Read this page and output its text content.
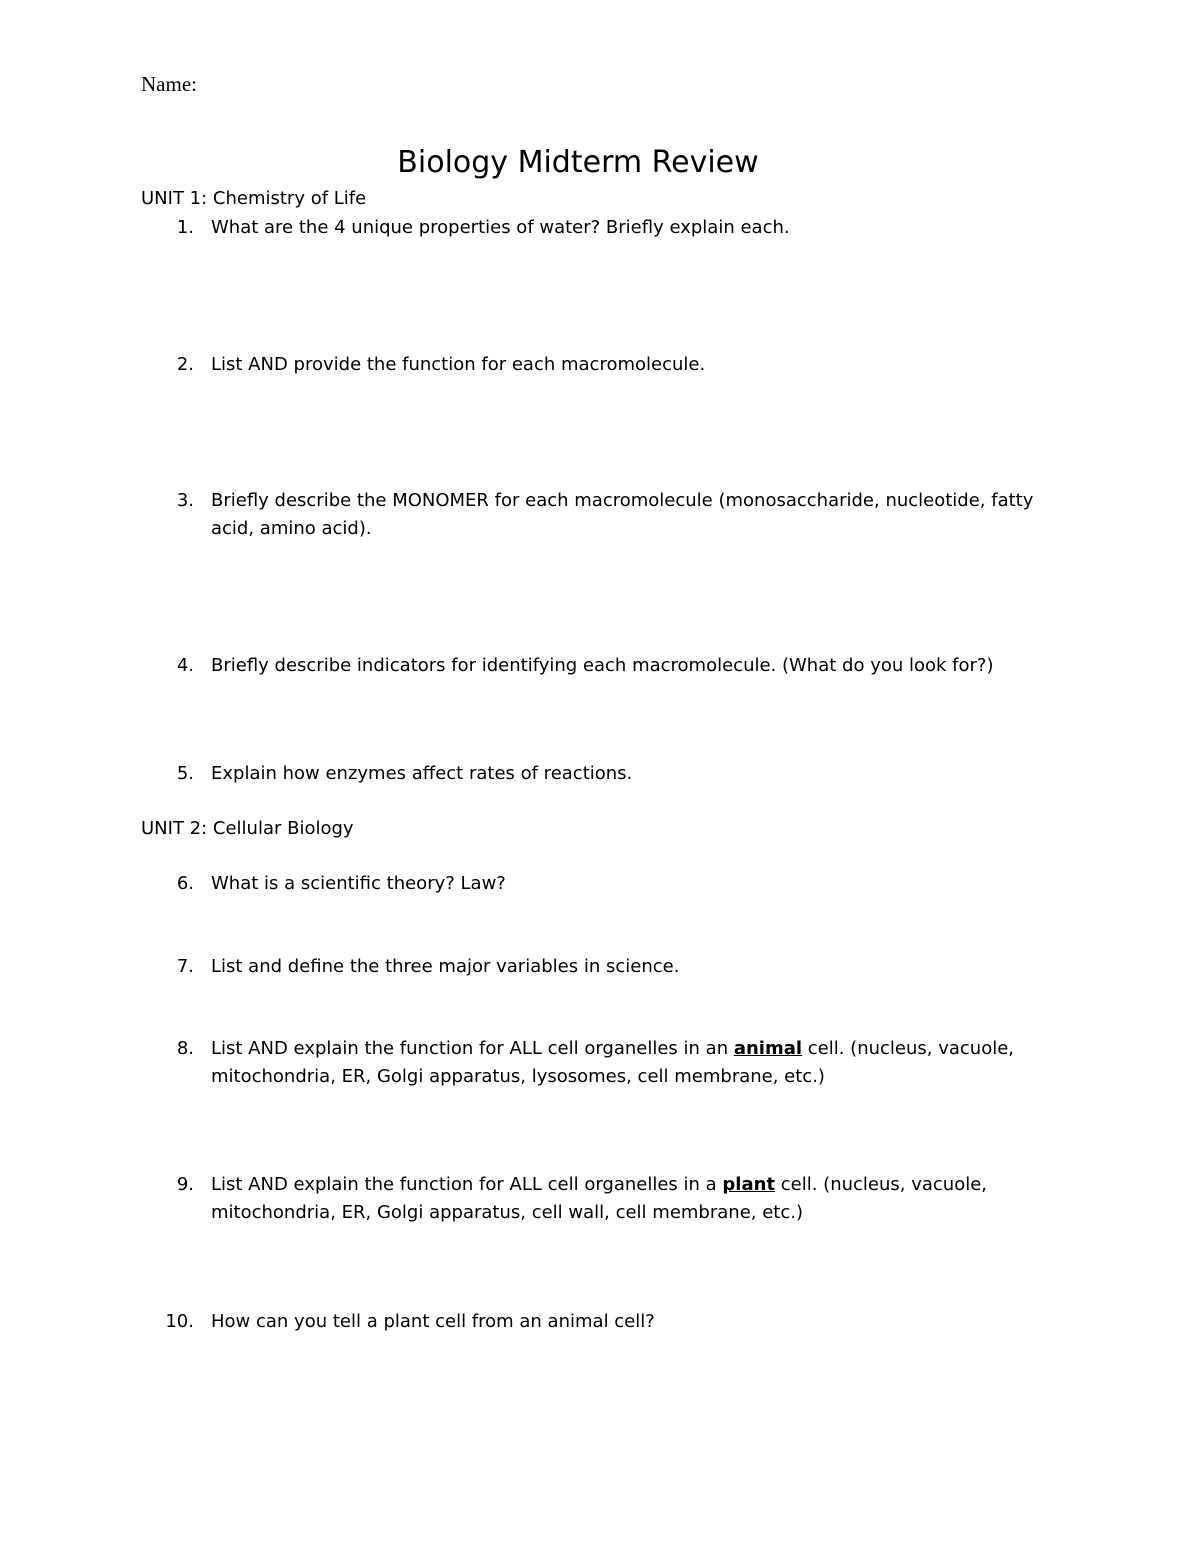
Name:
Biology Midterm Review
UNIT 1: Chemistry of Life
1. What are the 4 unique properties of water? Briefly explain each.
2. List AND provide the function for each macromolecule.
3. Briefly describe the MONOMER for each macromolecule (monosaccharide, nucleotide, fatty
acid, amino acid).
4. Briefly describe indicators for identifying each macromolecule. (What do you look for?)
5. Explain how enzymes affect rates of reactions.
UNIT 2: Cellular Biology
6. What is a scientific theory? Law?
7. List and define the three major variables in science.
8. List AND explain the function for ALL cell organelles in an animal cell. (nucleus, vacuole,
mitochondria, ER, Golgi apparatus, lysosomes, cell membrane, etc.)
9. List AND explain the function for ALL cell organelles in a plant cell. (nucleus, vacuole,
mitochondria, ER, Golgi apparatus, cell wall, cell membrane, etc.)
10. How can you tell a plant cell from an animal cell?
